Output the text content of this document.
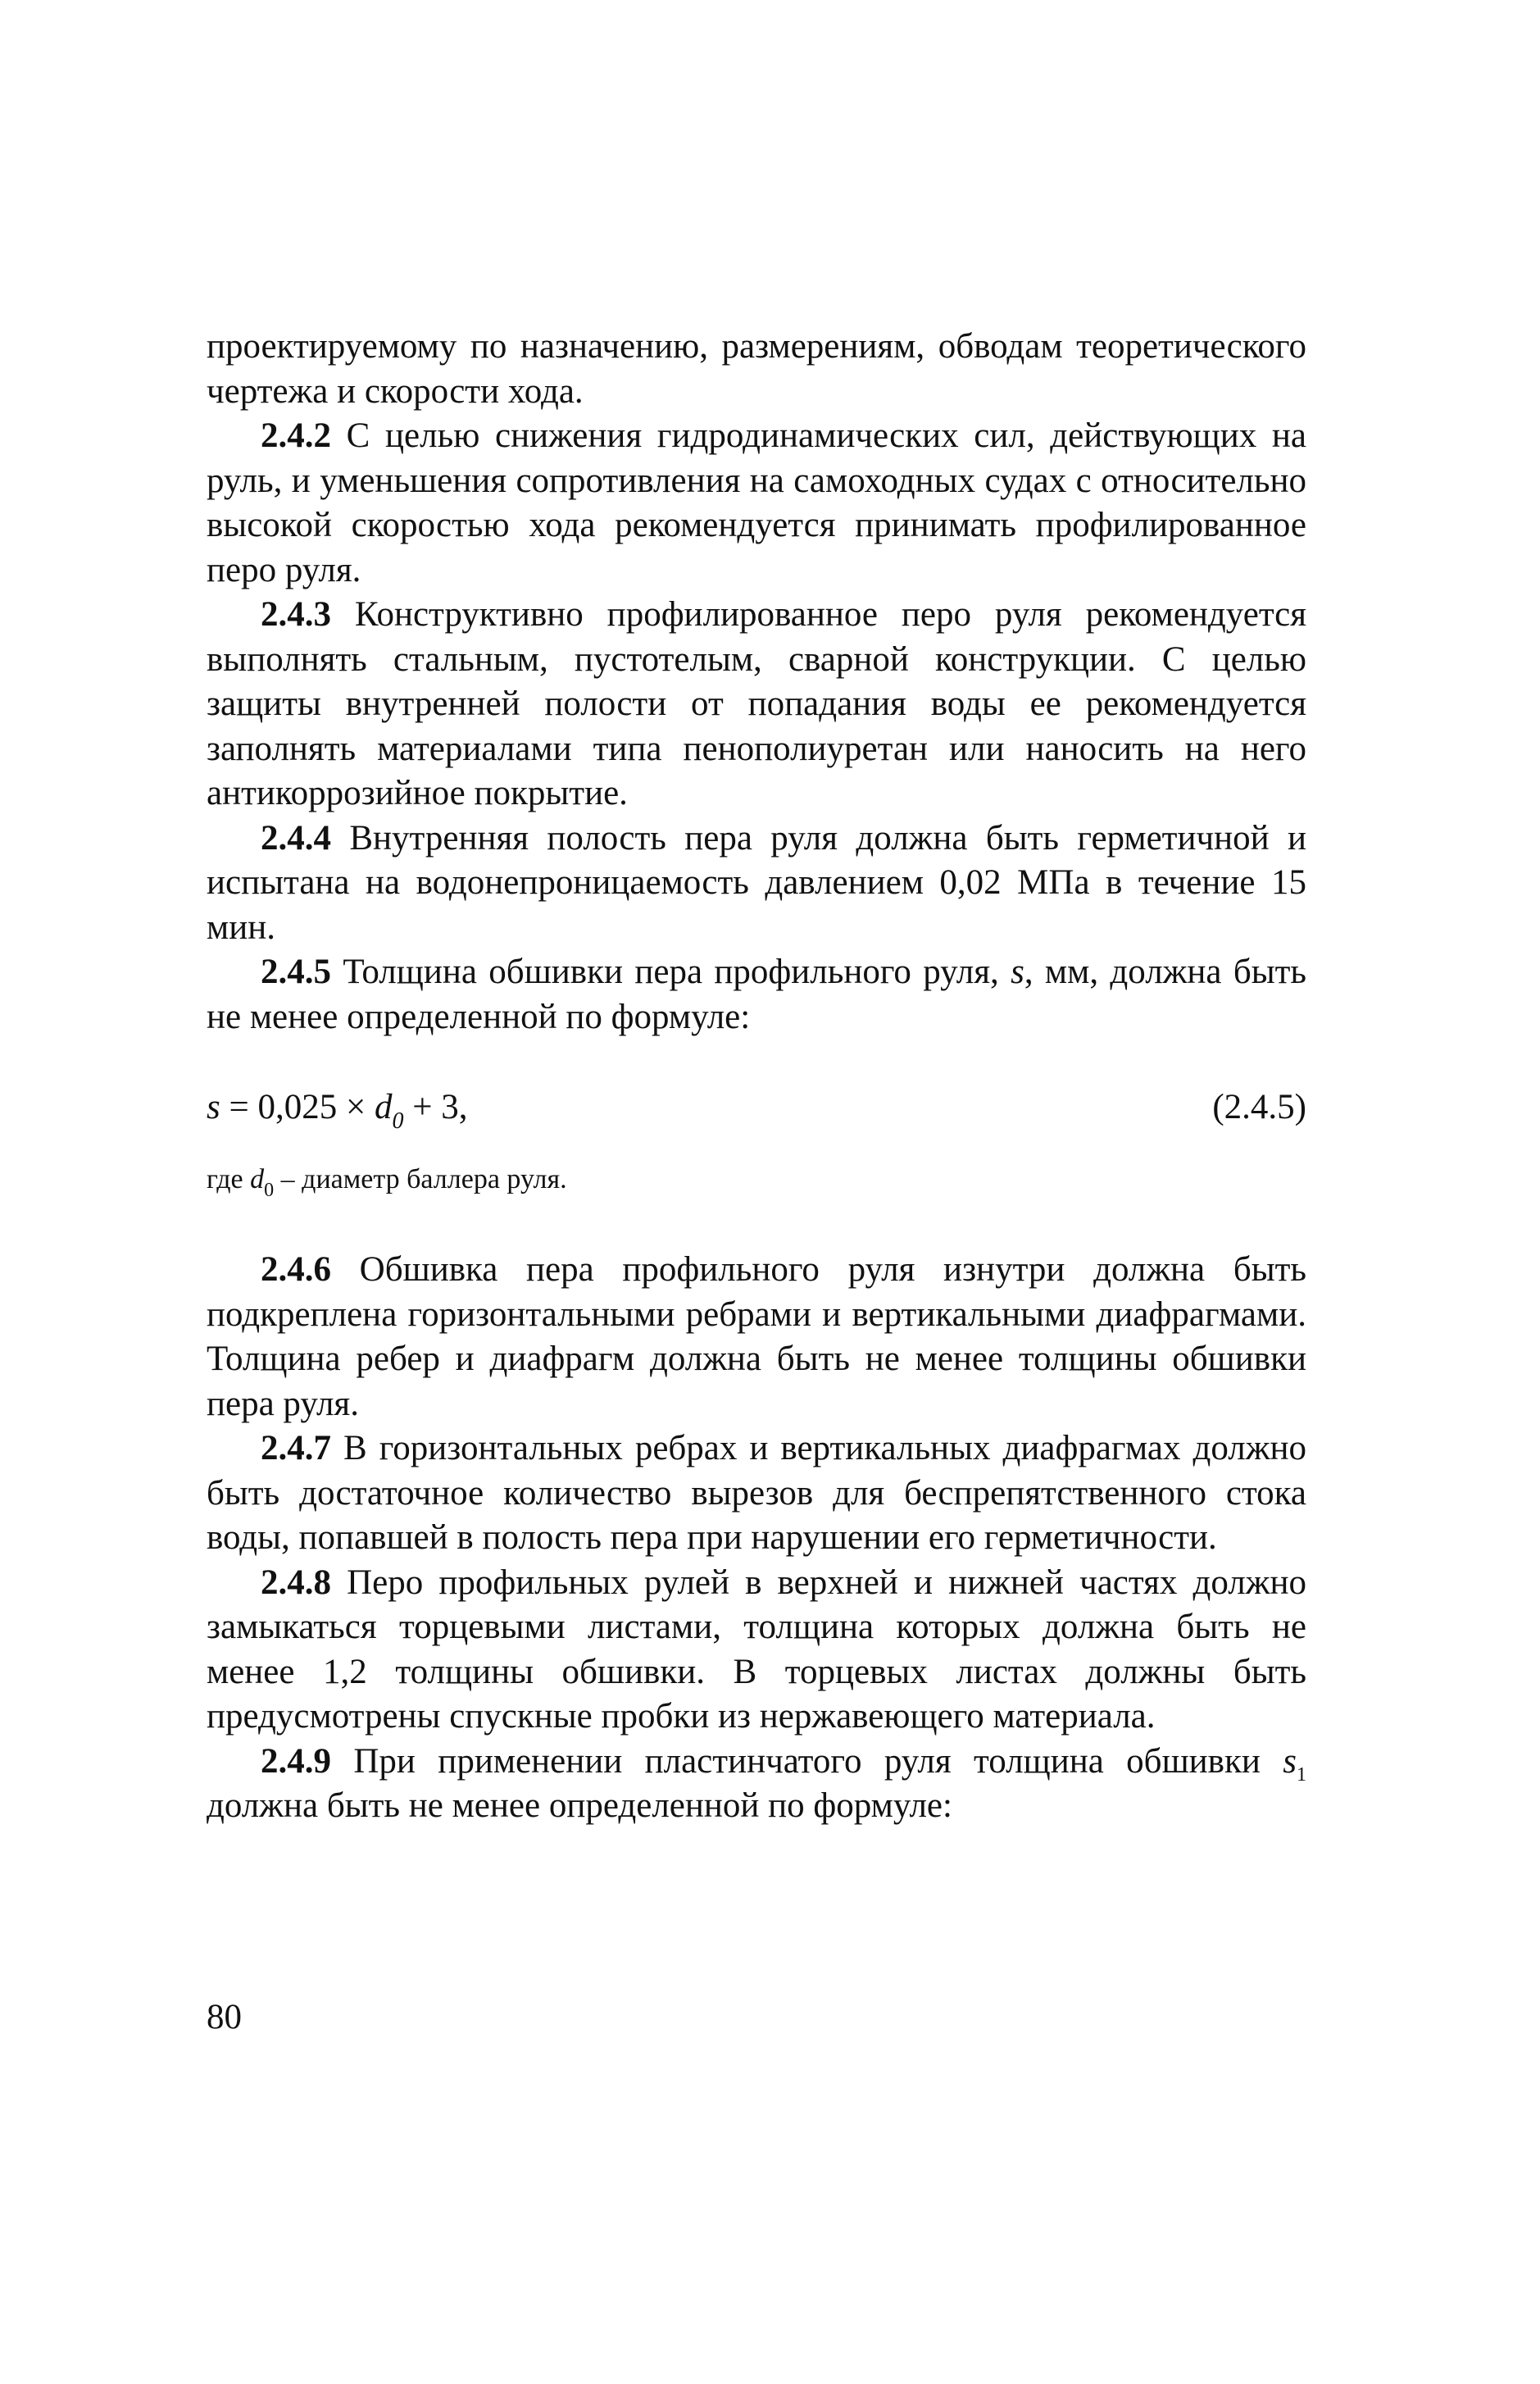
проектируемому по назначению, размерениям, обводам теоретического чертежа и скорости хода.

2.4.2 С целью снижения гидродинамических сил, действующих на руль, и уменьшения сопротивления на самоходных судах с относительно высокой скоростью хода рекомендуется принимать профилированное перо руля.

2.4.3 Конструктивно профилированное перо руля рекомендуется выполнять стальным, пустотелым, сварной конструкции. С целью защиты внутренней полости от попадания воды ее рекомендуется заполнять материалами типа пенополиуретан или наносить на него антикоррозийное покрытие.

2.4.4 Внутренняя полость пера руля должна быть герметичной и испытана на водонепроницаемость давлением 0,02 МПа в течение 15 мин.

2.4.5 Толщина обшивки пера профильного руля, s, мм, должна быть не менее определенной по формуле:

$s = 0,025 \times d_0 + 3$,	(2.4.5)
где $d_0$ – диаметр баллера руля.

2.4.6 Обшивка пера профильного руля изнутри должна быть подкреплена горизонтальными ребрами и вертикальными диафрагмами. Толщина ребер и диафрагм должна быть не менее толщины обшивки пера руля.

2.4.7 В горизонтальных ребрах и вертикальных диафрагмах должно быть достаточное количество вырезов для беспрепятственного стока воды, попавшей в полость пера при нарушении его герметичности.

2.4.8 Перо профильных рулей в верхней и нижней частях должно замыкаться торцевыми листами, толщина которых должна быть не менее 1,2 толщины обшивки. В торцевых листах должны быть предусмотрены спускные пробки из нержавеющего материала.

2.4.9 При применении пластинчатого руля толщина обшивки $s_1$ должна быть не менее определенной по формуле:

80
